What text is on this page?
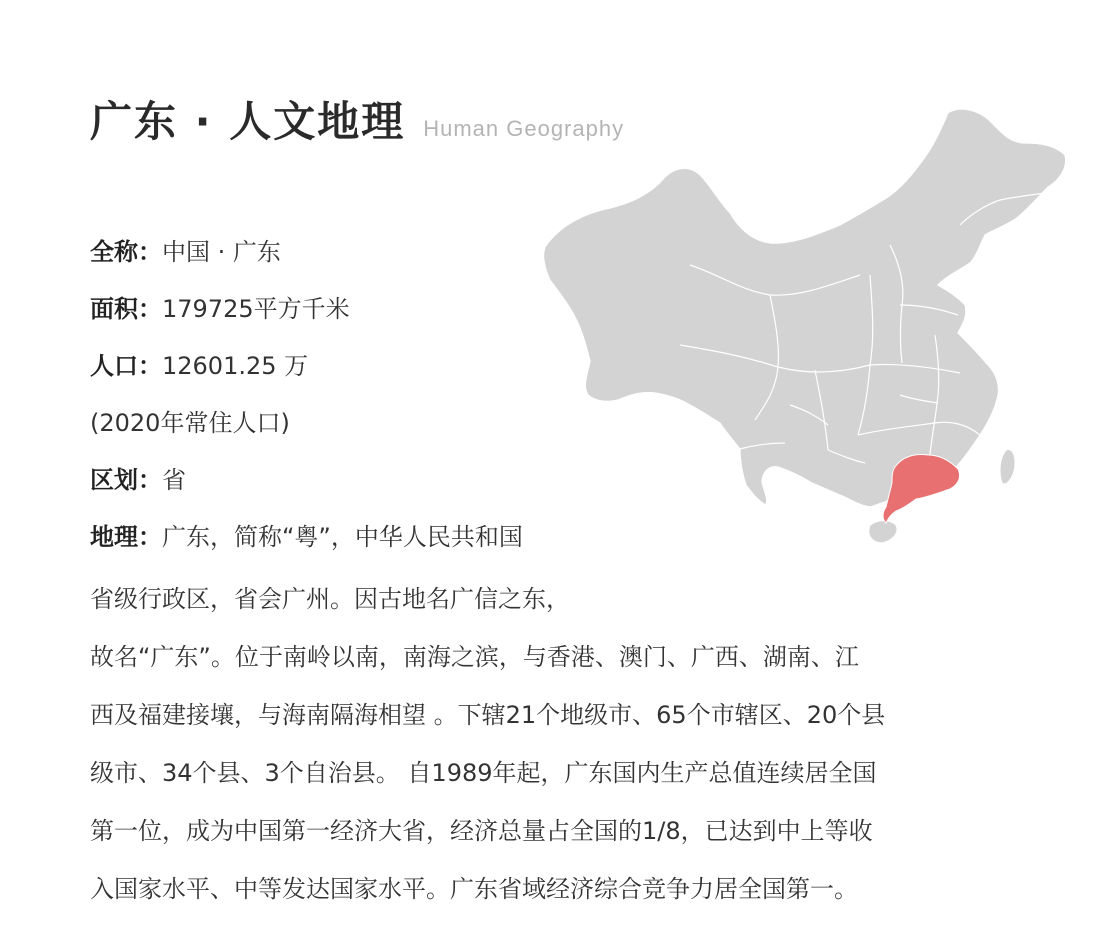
广东 · 人文地理 Human Geography
全称：中国 · 广东
面积：179725平方千米
人口：12601.25 万
(2020年常住人口)
区划：省
地理：广东，简称“粤”，中华人民共和国
省级行政区，省会广州。因古地名广信之东，
故名“广东”。位于南岭以南，南海之滨，与香港、澳门、广西、湖南、江
西及福建接壤，与海南隔海相望 。下辖21个地级市、65个市辖区、20个县
级市、34个县、3个自治县。 自1989年起，广东国内生产总值连续居全国
第一位，成为中国第一经济大省，经济总量占全国的1/8，已达到中上等收
入国家水平、中等发达国家水平。广东省域经济综合竞争力居全国第一。
